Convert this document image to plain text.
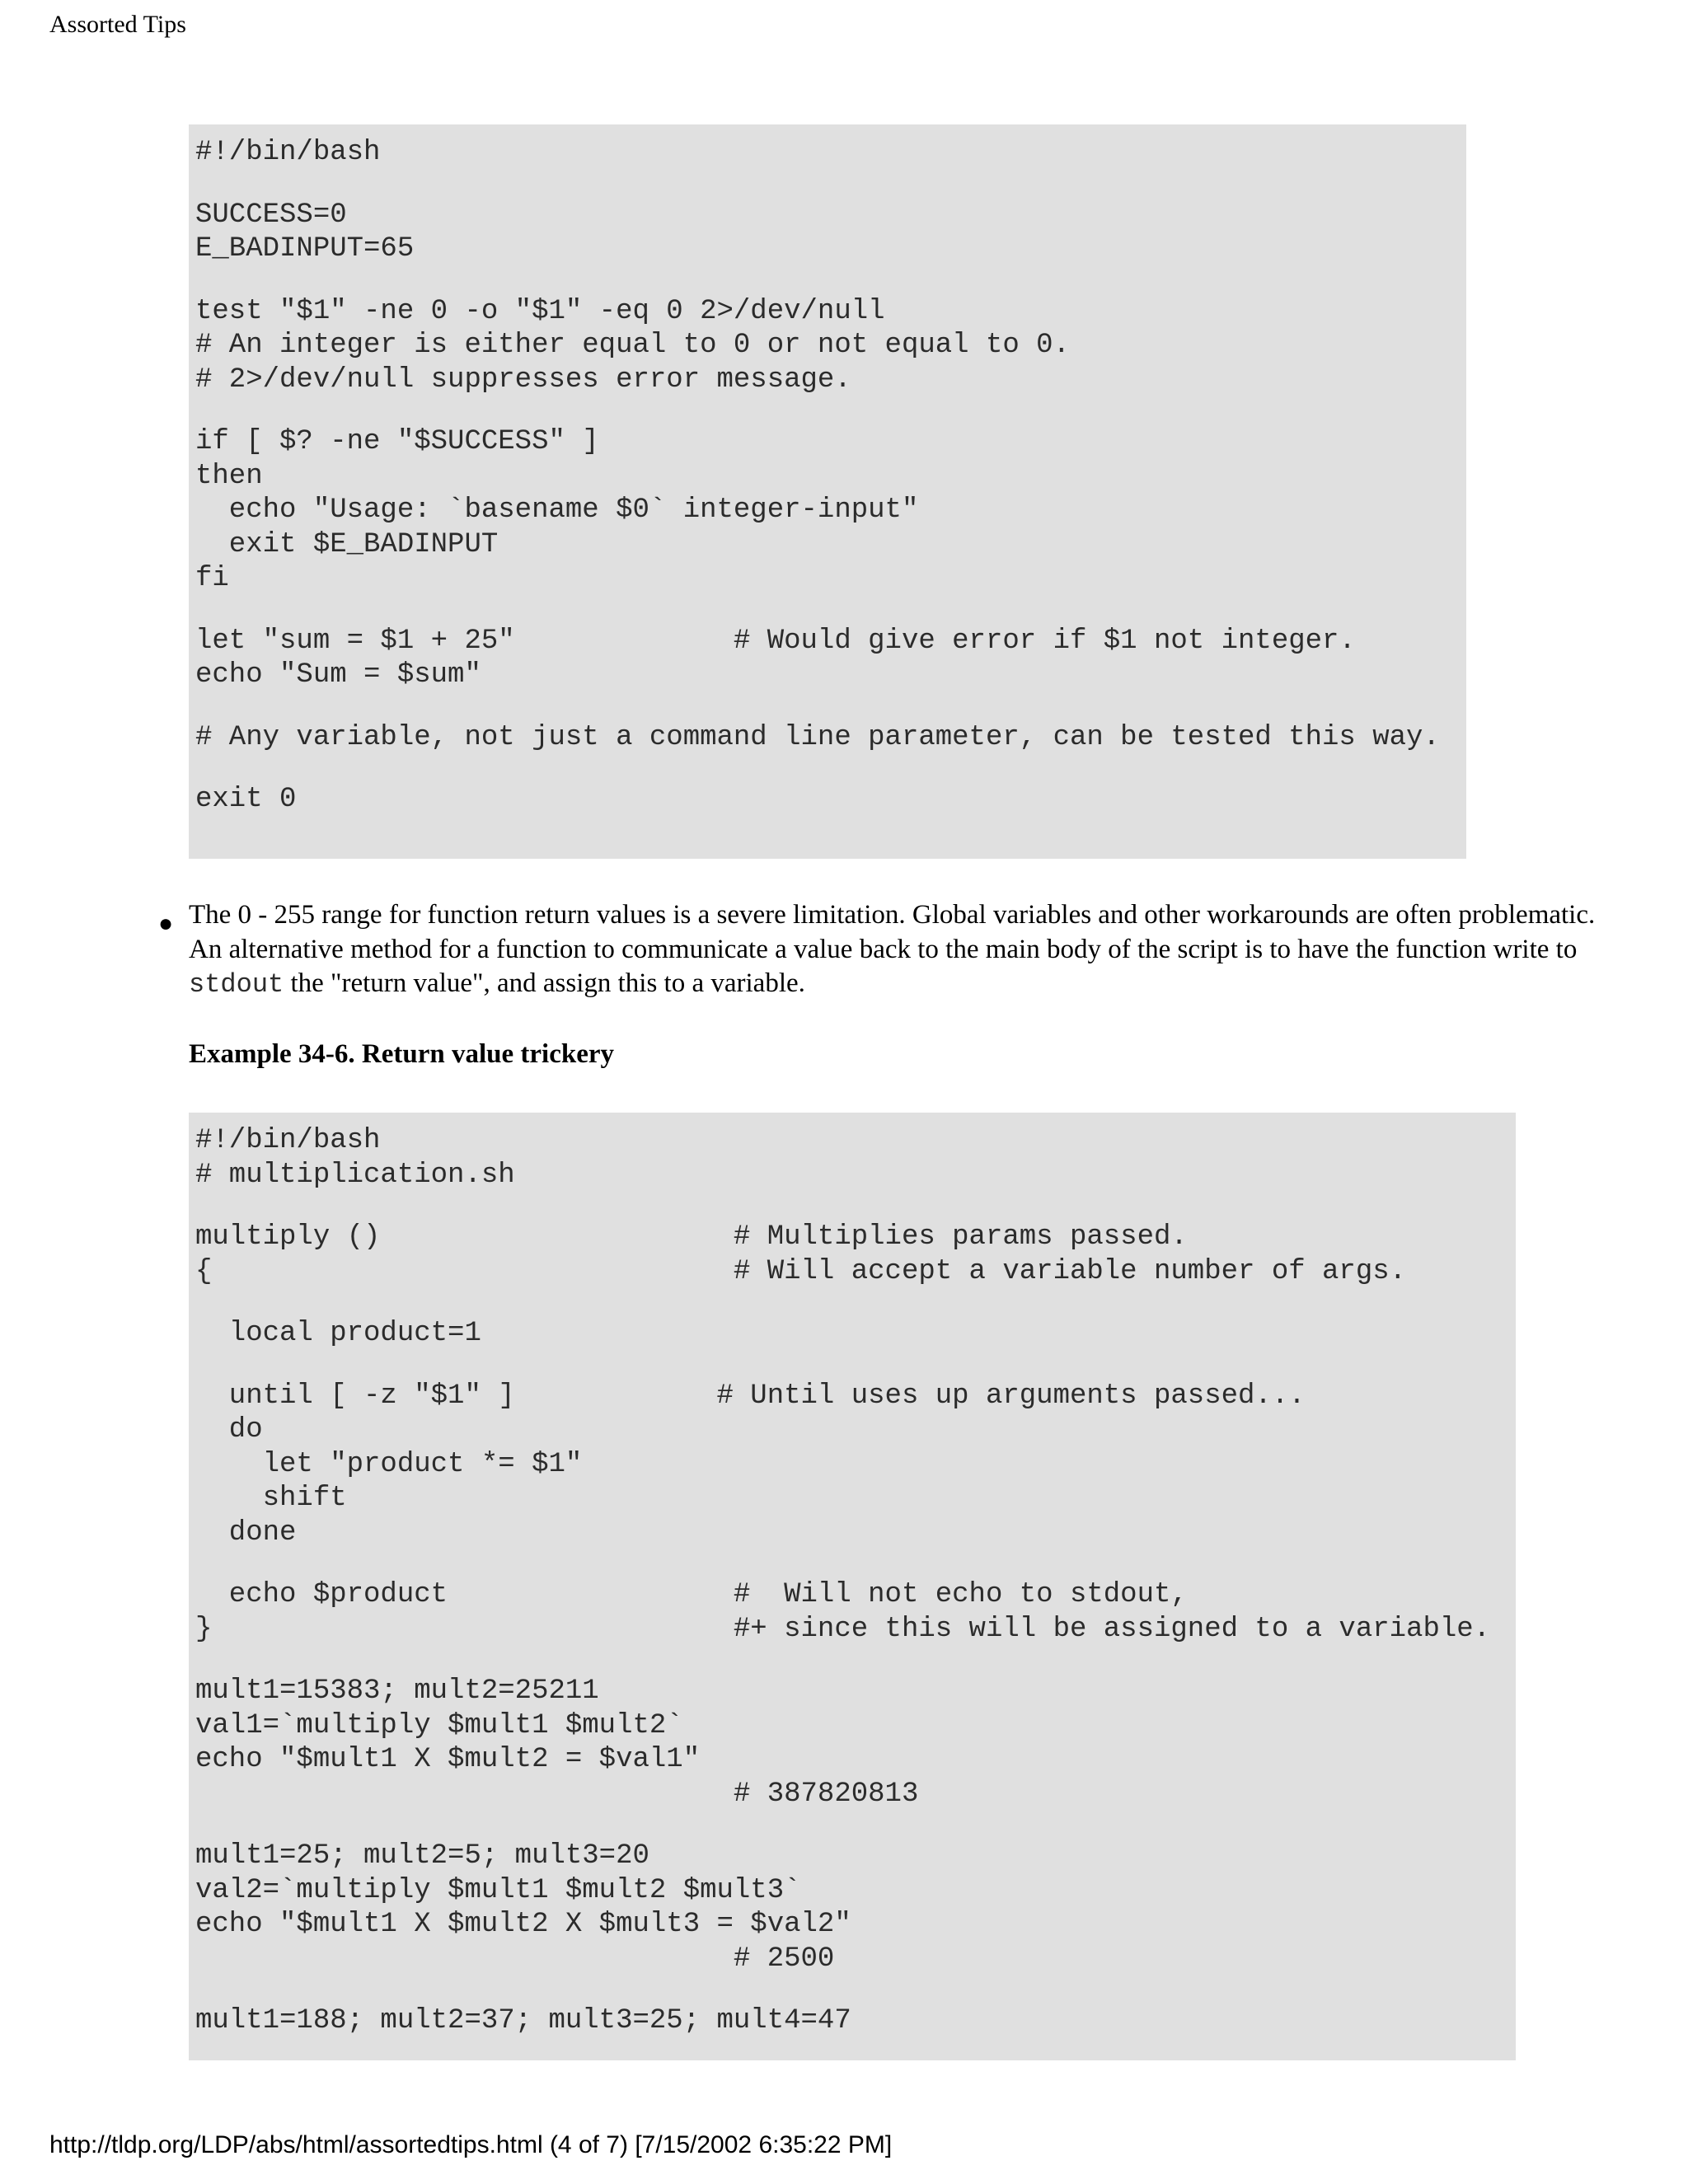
Assorted Tips
#!/bin/bash
SUCCESS=0
E_BADINPUT=65
test "$1" -ne 0 -o "$1" -eq 0 2>/dev/null
# An integer is either equal to 0 or not equal to 0.
# 2>/dev/null suppresses error message.
if [ $? -ne "$SUCCESS" ]
then
echo "Usage: `basename $0` integer-input"
exit $E_BADINPUT
fi
let "sum = $1 + 25"             # Would give error if $1 not integer.
echo "Sum = $sum"
# Any variable, not just a command line parameter, can be tested this way.
exit 0
● The 0 - 255 range for function return values is a severe limitation. Global variables and other workarounds are often problematic. An alternative method for a function to communicate a value back to the main body of the script is to have the function write to stdout the "return value", and assign this to a variable.
Example 34-6. Return value trickery
#!/bin/bash
# multiplication.sh
multiply ()                     # Multiplies params passed.
{                               # Will accept a variable number of args.
local product=1
until [ -z "$1" ]            # Until uses up arguments passed...
do
let "product *= $1"
shift
done
echo $product                 #  Will not echo to stdout,
}                               #+ since this will be assigned to a variable.
mult1=15383; mult2=25211
val1=`multiply $mult1 $mult2`
echo "$mult1 X $mult2 = $val1"
# 387820813
mult1=25; mult2=5; mult3=20
val2=`multiply $mult1 $mult2 $mult3`
echo "$mult1 X $mult2 X $mult3 = $val2"
# 2500
mult1=188; mult2=37; mult3=25; mult4=47
http://tldp.org/LDP/abs/html/assortedtips.html (4 of 7) [7/15/2002 6:35:22 PM]
